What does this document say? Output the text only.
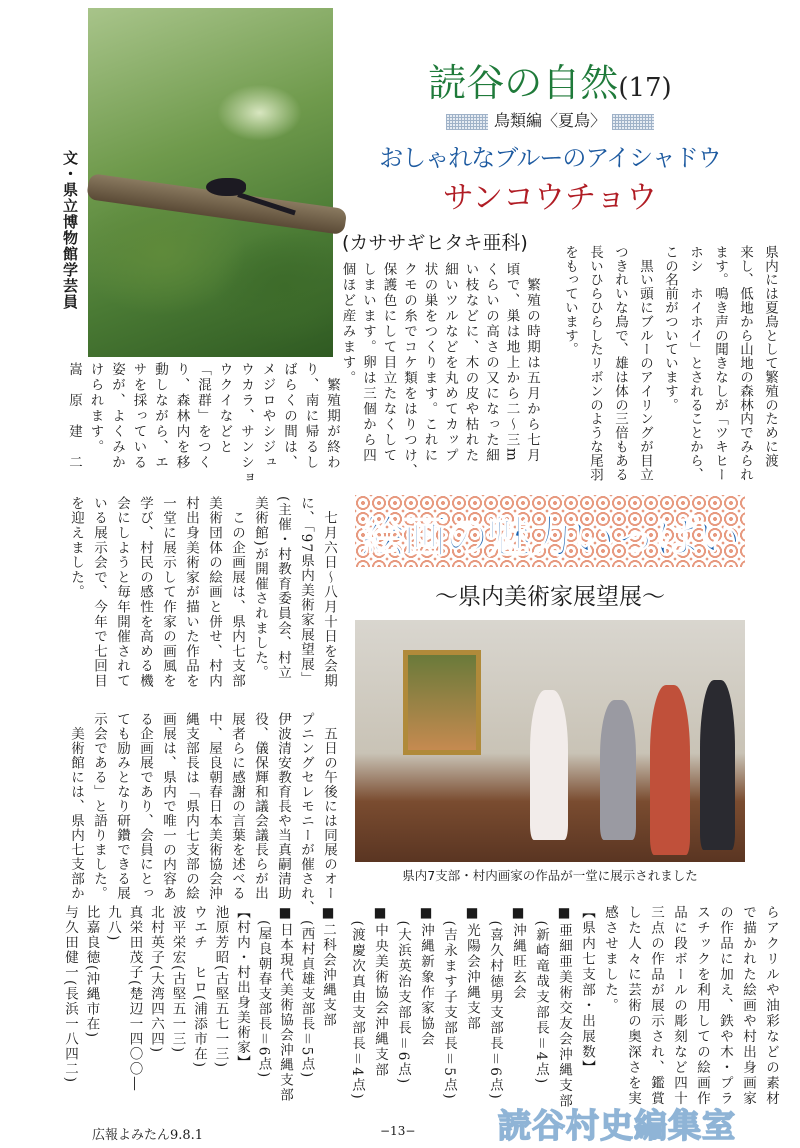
読谷の自然(17)
鳥類編〈夏鳥〉
おしゃれなブルーのアイシャドウ
サンコウチョウ
(カササギヒタキ亜科)
文・県立博物館学芸員
県内には夏鳥として繁殖のために渡
来し、低地から山地の森林内でみられ
ます。鳴き声の聞きなしが「ツキヒー
ホシ　ホイホイ」とされることから、
この名前がついています。
　黒い頭にブルーのアイリングが目立
つきれいな鳥で、雄は体の三倍もある
長いひらひらしたリボンのような尾羽
をもっています。
　繁殖の時期は五月から七月
頃で、巣は地上から二〜三m
くらいの高さの又になった細
い枝などに、木の皮や枯れた
細いツルなどを丸めてカップ
状の巣をつくります。これに
クモの糸でコケ類をはりつけ、
保護色にして目立たなくして
しまいます。卵は三個から四
個ほど産みます。
　繁殖期が終わ
り、南に帰るし
ばらくの間は、
メジロやシジュ
ウカラ、サンショ
ウクイなどと
「混群」をつく
り、森林内を移
動しながら、エ
サを採っている
姿が、よくみか
けられます。
嵩　原　建　二
絵画の魅力いっぱい
〜県内美術家展望展〜
県内7支部・村内画家の作品が一堂に展示されました
　七月六日〜八月十日を会期
に、「97県内美術家展望展」
(主催・村教育委員会、村立
美術館)が開催されました。
　この企画展は、県内七支部
美術団体の絵画と併せ、村内
村出身美術家が描いた作品を
一堂に展示して作家の画風を
学び、村民の感性を高める機
会にしようと毎年開催されて
いる展示会で、今年で七回目
を迎えました。
　五日の午後には同展のオー
プニングセレモニーが催され、
伊波清安教育長や当真嗣清助
役、儀保輝和議会議長らが出
展者らに感謝の言葉を述べる
中、屋良朝春日本美術協会沖
縄支部長は「県内七支部の絵
画展は、県内で唯一の内容あ
る企画展であり、会員にとっ
ても励みとなり研鑽できる展
示会である」と語りました。
　美術館には、県内七支部か
らアクリルや油彩などの素材
で描かれた絵画や村出身画家
の作品に加え、鉄や木・プラ
スチックを利用しての絵画作
品に段ボールの彫刻など四十
三点の作品が展示され、鑑賞
した人々に芸術の奥深さを実
感させました。
【県内七支部・出展数】
■亜細亜美術交友会沖縄支部
　(新崎竜哉支部長＝4点)
■沖縄旺玄会
　(喜久村徳男支部長＝6点)
■光陽会沖縄支部
　(吉永ます子支部長＝5点)
■沖縄新象作家協会
　(大浜英治支部長＝6点)
■中央美術協会沖縄支部
　(渡慶次真由支部長＝4点)
■二科会沖縄支部
　(西村貞雄支部長＝5点)
■日本現代美術協会沖縄支部
　(屋良朝春支部長＝6点)
【村内・村出身美術家】
池原芳昭(古堅五七一三)
ウエチ　ヒロ(浦添市在)
波平栄宏(古堅五一三)
北村英子(大湾四六四)
真栄田茂子(楚辺一四〇〇―
九八)
比嘉良徳(沖縄市在)
与久田健一(長浜一八四二)
広報よみたん9.8.1	−13−	読谷村史編集室
